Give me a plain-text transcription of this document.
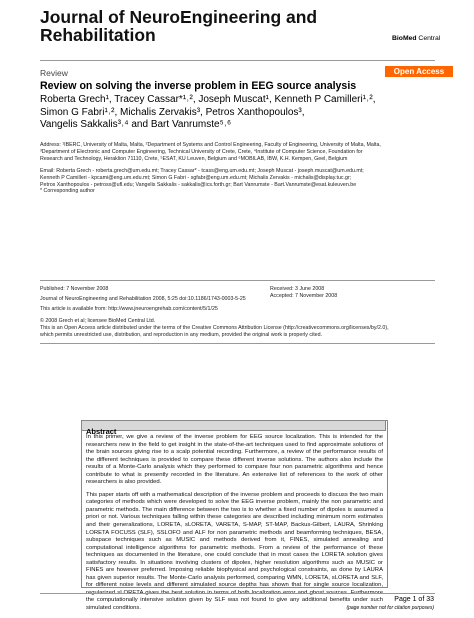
Journal of NeuroEngineering and
Rehabilitation	BioMed Central
Review	Open Access
Review on solving the inverse problem in EEG source analysis
Roberta Grech¹, Tracey Cassar*¹˒², Joseph Muscat¹, Kenneth P Camilleri¹˒²,
Simon G Fabri¹˒², Michalis Zervakis³, Petros Xanthopoulos³,
Vangelis Sakkalis³˒⁴ and Bart Vanrumste⁵˒⁶

Address: ¹IBERC, University of Malta, Malta, ²Department of Systems and Control Engineering, Faculty of Engineering, University of Malta, Malta,

³Department of Electronic and Computer Engineering, Technical University of Crete, Crete, ⁴Institute of Computer Science, Foundation for

Research and Technology, Heraklion 71110, Crete, ⁵ESAT, KU Leuven, Belgium and ⁶MOBILAB, IBW, K.H. Kempen, Geel, Belgium

Email: Roberta Grech - roberta.grech@um.edu.mt; Tracey Cassar* - tcass@eng.um.edu.mt; Joseph Muscat - joseph.muscat@um.edu.mt;

Kenneth P Camilleri - kpcami@eng.um.edu.mt; Simon G Fabri - sgfabr@eng.um.edu.mt; Michalis Zervakis - michalis@display.tuc.gr;

Petros Xanthopoulos - petrosx@ufl.edu; Vangelis Sakkalis - sakkalis@ics.forth.gr; Bart Vanrumste - Bart.Vanrumste@esat.kuleuven.be

* Corresponding author

Published: 7 November 2008

Journal of NeuroEngineering and Rehabilitation 2008, 5:25 doi:10.1186/1743-0003-5-25

This article is available from: http://www.jneuroengrehab.com/content/5/1/25

© 2008 Grech et al; licensee BioMed Central Ltd.

This is an Open Access article distributed under the terms of the Creative Commons Attribution License (http://creativecommons.org/licenses/by/2.0),

which permits unrestricted use, distribution, and reproduction in any medium, provided the original work is properly cited.

Received: 3 June 2008

Accepted: 7 November 2008

Abstract

In this primer, we give a review of the inverse problem for EEG source localization. This is intended for the researchers new in the field to get insight in the state-of-the-art techniques used to find approximate solutions of the brain sources giving rise to a scalp potential recording. Furthermore, a review of the performance results of the different techniques is provided to compare these different inverse solutions. The authors also include the results of a Monte-Carlo analysis which they performed to compare four non parametric algorithms and hence contribute to what is presently recorded in the literature. An extensive list of references to the work of other researchers is also provided.

This paper starts off with a mathematical description of the inverse problem and proceeds to discuss the two main categories of methods which were developed to solve the EEG inverse problem, mainly the non parametric and parametric methods. The main difference between the two is to whether a fixed number of dipoles is assumed a priori or not. Various techniques falling within these categories are described including minimum norm estimates and their generalizations, LORETA, sLORETA, VARETA, S-MAP, ST-MAP, Backus-Gilbert, LAURA, Shrinking LORETA FOCUSS (SLF), SSLOFO and ALF for non parametric methods and beamforming techniques, BESA, subspace techniques such as MUSIC and methods derived from it, FINES, simulated annealing and computational intelligence algorithms for parametric methods. From a review of the performance of these techniques as documented in the literature, one could conclude that in most cases the LORETA solution gives satisfactory results. In situations involving clusters of dipoles, higher resolution algorithms such as MUSIC or FINES are however preferred. Imposing reliable biophysical and psychological constraints, as done by LAURA has given superior results. The Monte-Carlo analysis performed, comparing WMN, LORETA, sLORETA and SLF, for different noise levels and different simulated source depths has shown that for single source localization, regularized sLORETA gives the best solution in terms of both localization error and ghost sources. Furthermore the computationally intensive solution given by SLF was not found to give any additional benefits under such simulated conditions.

Page 1 of 33
(page number not for citation purposes)
